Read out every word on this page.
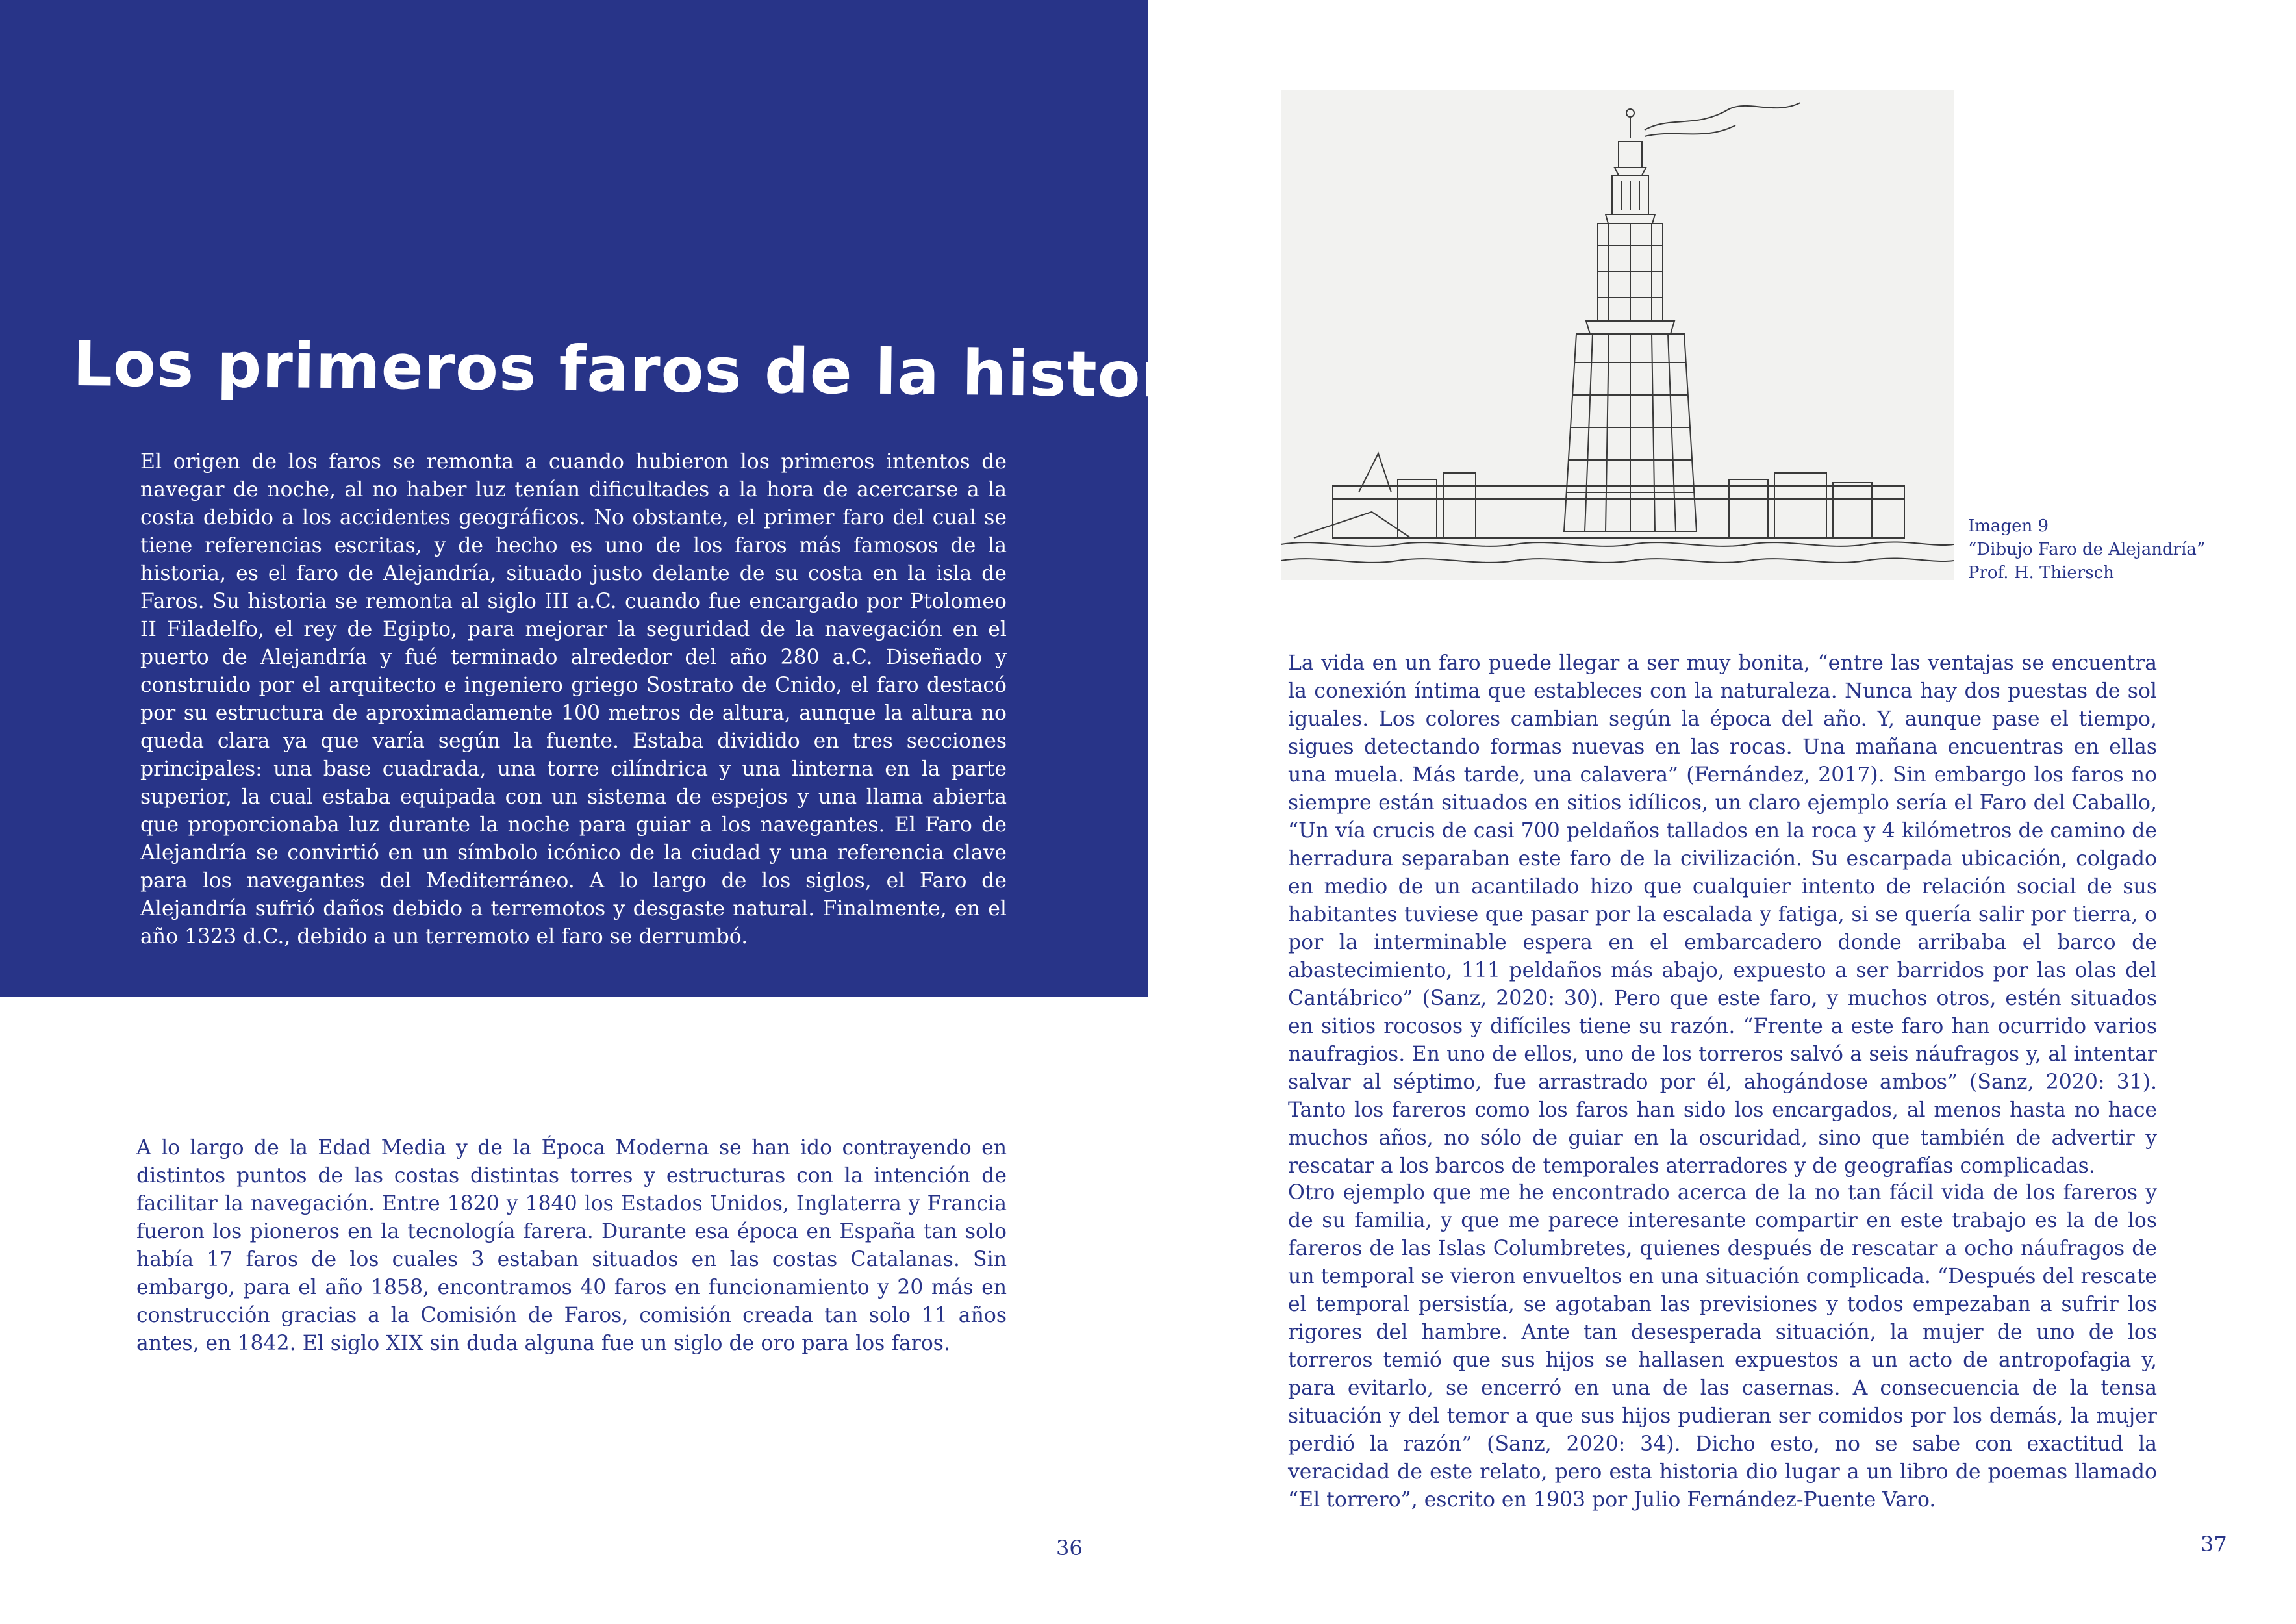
Los primeros faros de la historia

El origen de los faros se remonta a cuando hubieron los primeros intentos de navegar de noche, al no haber luz tenían dificultades a la hora de acercarse a la costa debido a los accidentes geográficos. No obstante, el primer faro del cual se tiene referencias escritas, y de hecho es uno de los faros más famosos de la historia, es el faro de Alejandría, situado justo delante de su costa en la isla de Faros. Su historia se remonta al siglo III a.C. cuando fue encargado por Ptolomeo II Filadelfo, el rey de Egipto, para mejorar la seguridad de la navegación en el puerto de Alejandría y fué terminado alrededor del año 280 a.C. Diseñado y construido por el arquitecto e ingeniero griego Sostrato de Cnido, el faro destacó por su estructura de aproximadamente 100 metros de altura, aunque la altura no queda clara ya que varía según la fuente. Estaba dividido en tres secciones principales: una base cuadrada, una torre cilíndrica y una linterna en la parte superior, la cual estaba equipada con un sistema de espejos y una llama abierta que proporcionaba luz durante la noche para guiar a los navegantes. El Faro de Alejandría se convirtió en un símbolo icónico de la ciudad y una referencia clave para los navegantes del Mediterráneo. A lo largo de los siglos, el Faro de Alejandría sufrió daños debido a terremotos y desgaste natural. Finalmente, en el año 1323 d.C., debido a un terremoto el faro se derrumbó.

A lo largo de la Edad Media y de la Época Moderna se han ido contrayendo en distintos puntos de las costas distintas torres y estructuras con la intención de facilitar la navegación. Entre 1820 y 1840 los Estados Unidos, Inglaterra y Francia fueron los pioneros en la tecnología farera. Durante esa época en España tan solo había 17 faros de los cuales 3 estaban situados en las costas Catalanas. Sin embargo, para el año 1858, encontramos 40 faros en funcionamiento y 20 más en construcción gracias a la Comisión de Faros, comisión creada tan solo 11 años antes, en 1842. El siglo XIX sin duda alguna fue un siglo de oro para los faros.

36
Imagen 9
“Dibujo Faro de Alejandría”
Prof. H. Thiersch

La vida en un faro puede llegar a ser muy bonita, “entre las ventajas se encuentra la conexión íntima que estableces con la naturaleza. Nunca hay dos puestas de sol iguales. Los colores cambian según la época del año. Y, aunque pase el tiempo, sigues detectando formas nuevas en las rocas. Una mañana encuentras en ellas una muela. Más tarde, una calavera” (Fernández, 2017). Sin embargo los faros no siempre están situados en sitios idílicos, un claro ejemplo sería el Faro del Caballo, “Un vía crucis de casi 700 peldaños tallados en la roca y 4 kilómetros de camino de herradura separaban este faro de la civilización. Su escarpada ubicación, colgado en medio de un acantilado hizo que cualquier intento de relación social de sus habitantes tuviese que pasar por la escalada y fatiga, si se quería salir por tierra, o por la interminable espera en el embarcadero donde arribaba el barco de abastecimiento, 111 peldaños más abajo, expuesto a ser barridos por las olas del Cantábrico” (Sanz, 2020: 30). Pero que este faro, y muchos otros, estén situados en sitios rocosos y difíciles tiene su razón. “Frente a este faro han ocurrido varios naufragios. En uno de ellos, uno de los torreros salvó a seis náufragos y, al intentar salvar al séptimo, fue arrastrado por él, ahogándose ambos” (Sanz, 2020: 31). Tanto los fareros como los faros han sido los encargados, al menos hasta no hace muchos años, no sólo de guiar en la oscuridad, sino que también de advertir y rescatar a los barcos de temporales aterradores y de geografías complicadas.

Otro ejemplo que me he encontrado acerca de la no tan fácil vida de los fareros y de su familia, y que me parece interesante compartir en este trabajo es la de los fareros de las Islas Columbretes, quienes después de rescatar a ocho náufragos de un temporal se vieron envueltos en una situación complicada. “Después del rescate el temporal persistía, se agotaban las previsiones y todos empezaban a sufrir los rigores del hambre. Ante tan desesperada situación, la mujer de uno de los torreros temió que sus hijos se hallasen expuestos a un acto de antropofagia y, para evitarlo, se encerró en una de las casernas. A consecuencia de la tensa situación y del temor a que sus hijos pudieran ser comidos por los demás, la mujer perdió la razón” (Sanz, 2020: 34). Dicho esto, no se sabe con exactitud la veracidad de este relato, pero esta historia dio lugar a un libro de poemas llamado “El torrero”, escrito en 1903 por Julio Fernández-Puente Varo.

37
